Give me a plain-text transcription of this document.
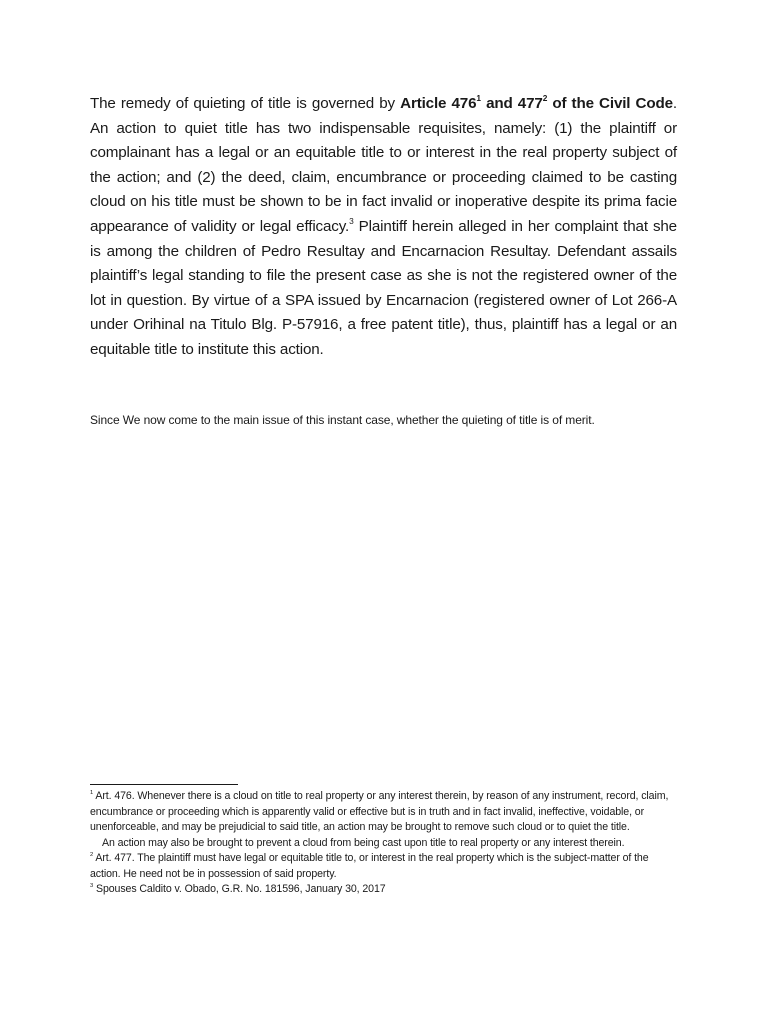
The remedy of quieting of title is governed by Article $476^1$ and $477^2$ of the Civil Code. An action to quiet title has two indispensable requisites, namely: (1) the plaintiff or complainant has a legal or an equitable title to or interest in the real property subject of the action; and (2) the deed, claim, encumbrance or proceeding claimed to be casting cloud on his title must be shown to be in fact invalid or inoperative despite its prima facie appearance of validity or legal efficacy.$^3$ Plaintiff herein alleged in her complaint that she is among the children of Pedro Resultay and Encarnacion Resultay. Defendant assails plaintiff’s legal standing to file the present case as she is not the registered owner of the lot in question. By virtue of a SPA issued by Encarnacion (registered owner of Lot 266-A under Orihinal na Titulo Blg. P-57916, a free patent title), thus, plaintiff has a legal or an equitable title to institute this action.

Since We now come to the main issue of this instant case, whether the quieting of title is of merit.

$^1$ Art. 476. Whenever there is a cloud on title to real property or any interest therein, by reason of any instrument, record, claim, encumbrance or proceeding which is apparently valid or effective but is in truth and in fact invalid, ineffective, voidable, or unenforceable, and may be prejudicial to said title, an action may be brought to remove such cloud or to quiet the title.

An action may also be brought to prevent a cloud from being cast upon title to real property or any interest therein.

$^2$ Art. 477. The plaintiff must have legal or equitable title to, or interest in the real property which is the subject-matter of the action. He need not be in possession of said property.

$^3$ Spouses Caldito v. Obado, G.R. No. 181596, January 30, 2017
